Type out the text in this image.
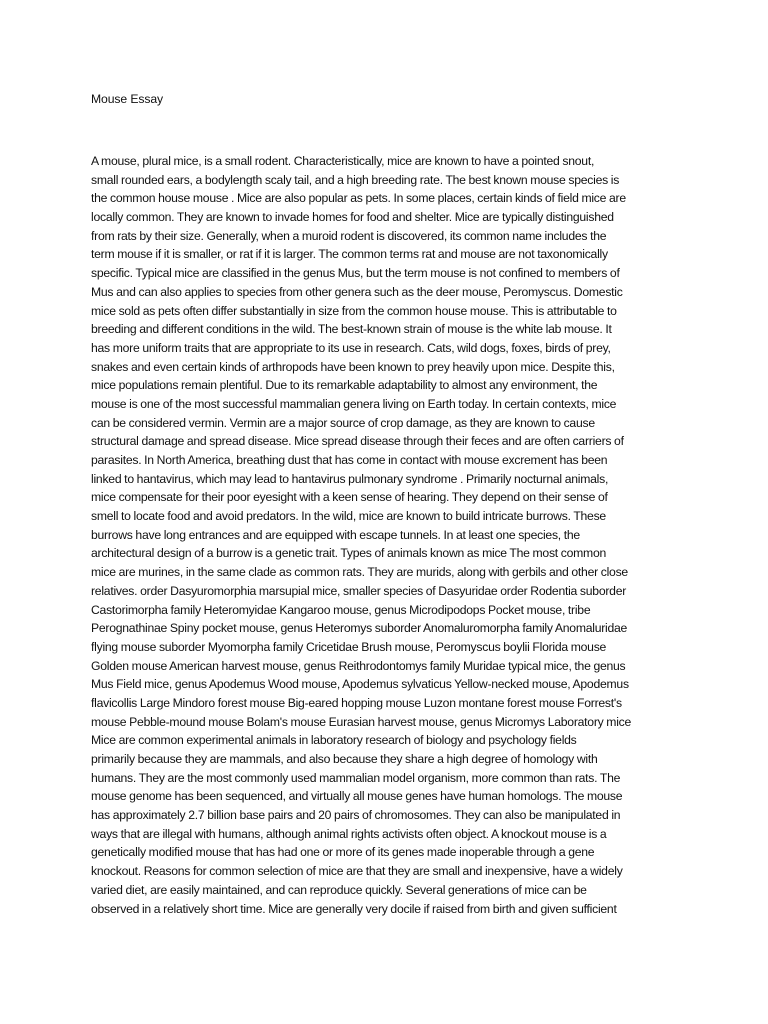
Mouse Essay
A mouse, plural mice, is a small rodent. Characteristically, mice are known to have a pointed snout,
small rounded ears, a bodylength scaly tail, and a high breeding rate. The best known mouse species is
the common house mouse . Mice are also popular as pets. In some places, certain kinds of field mice are
locally common. They are known to invade homes for food and shelter. Mice are typically distinguished
from rats by their size. Generally, when a muroid rodent is discovered, its common name includes the
term mouse if it is smaller, or rat if it is larger. The common terms rat and mouse are not taxonomically
specific. Typical mice are classified in the genus Mus, but the term mouse is not confined to members of
Mus and can also applies to species from other genera such as the deer mouse, Peromyscus. Domestic
mice sold as pets often differ substantially in size from the common house mouse. This is attributable to
breeding and different conditions in the wild. The best-known strain of mouse is the white lab mouse. It
has more uniform traits that are appropriate to its use in research. Cats, wild dogs, foxes, birds of prey,
snakes and even certain kinds of arthropods have been known to prey heavily upon mice. Despite this,
mice populations remain plentiful. Due to its remarkable adaptability to almost any environment, the
mouse is one of the most successful mammalian genera living on Earth today. In certain contexts, mice
can be considered vermin. Vermin are a major source of crop damage, as they are known to cause
structural damage and spread disease. Mice spread disease through their feces and are often carriers of
parasites. In North America, breathing dust that has come in contact with mouse excrement has been
linked to hantavirus, which may lead to hantavirus pulmonary syndrome . Primarily nocturnal animals,
mice compensate for their poor eyesight with a keen sense of hearing. They depend on their sense of
smell to locate food and avoid predators. In the wild, mice are known to build intricate burrows. These
burrows have long entrances and are equipped with escape tunnels. In at least one species, the
architectural design of a burrow is a genetic trait. Types of animals known as mice The most common
mice are murines, in the same clade as common rats. They are murids, along with gerbils and other close
relatives. order Dasyuromorphia marsupial mice, smaller species of Dasyuridae order Rodentia suborder
Castorimorpha family Heteromyidae Kangaroo mouse, genus Microdipodops Pocket mouse, tribe
Perognathinae Spiny pocket mouse, genus Heteromys suborder Anomaluromorpha family Anomaluridae
flying mouse suborder Myomorpha family Cricetidae Brush mouse, Peromyscus boylii Florida mouse
Golden mouse American harvest mouse, genus Reithrodontomys family Muridae typical mice, the genus
Mus Field mice, genus Apodemus Wood mouse, Apodemus sylvaticus Yellow-necked mouse, Apodemus
flavicollis Large Mindoro forest mouse Big-eared hopping mouse Luzon montane forest mouse Forrest's
mouse Pebble-mound mouse Bolam's mouse Eurasian harvest mouse, genus Micromys Laboratory mice
Mice are common experimental animals in laboratory research of biology and psychology fields
primarily because they are mammals, and also because they share a high degree of homology with
humans. They are the most commonly used mammalian model organism, more common than rats. The
mouse genome has been sequenced, and virtually all mouse genes have human homologs. The mouse
has approximately 2.7 billion base pairs and 20 pairs of chromosomes. They can also be manipulated in
ways that are illegal with humans, although animal rights activists often object. A knockout mouse is a
genetically modified mouse that has had one or more of its genes made inoperable through a gene
knockout. Reasons for common selection of mice are that they are small and inexpensive, have a widely
varied diet, are easily maintained, and can reproduce quickly. Several generations of mice can be
observed in a relatively short time. Mice are generally very docile if raised from birth and given sufficient
